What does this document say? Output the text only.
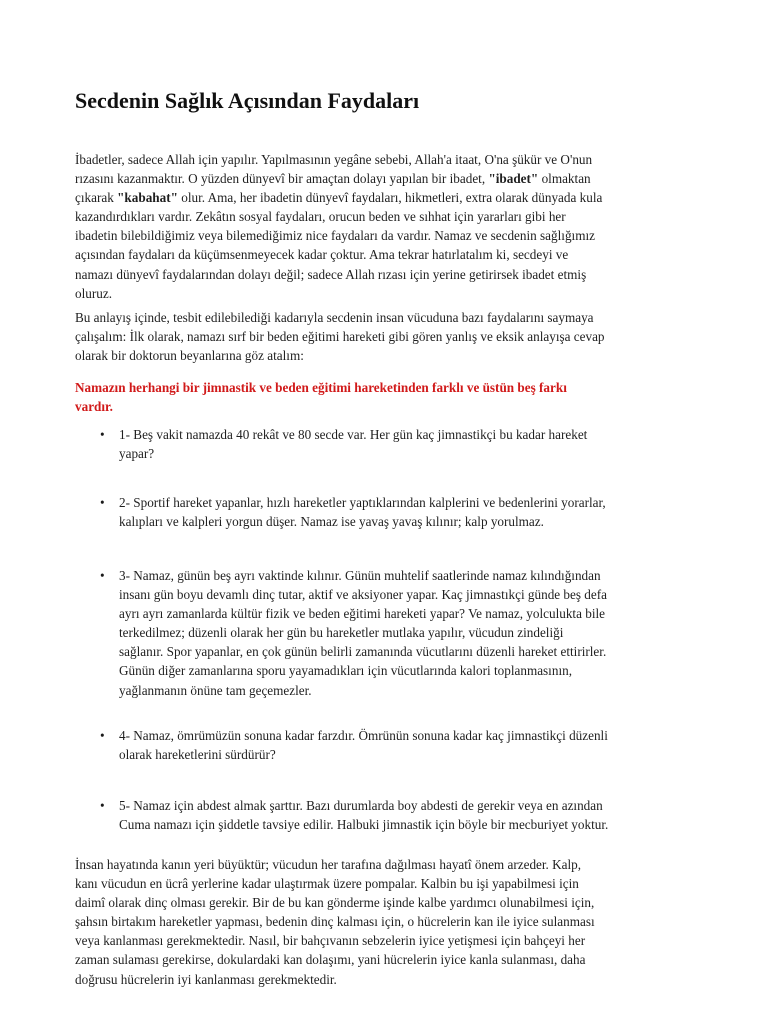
Secdenin Sağlık Açısından Faydaları

İbadetler, sadece Allah için yapılır. Yapılmasının yegâne sebebi, Allah'a itaat, O'na şükür ve O'nun
rızasını kazanmaktır. O yüzden dünyevî bir amaçtan dolayı yapılan bir ibadet, "ibadet" olmaktan
çıkarak "kabahat" olur. Ama, her ibadetin dünyevî faydaları, hikmetleri, extra olarak dünyada kula
kazandırdıkları vardır. Zekâtın sosyal faydaları, orucun beden ve sıhhat için yararları gibi her
ibadetin bilebildiğimiz veya bilemediğimiz nice faydaları da vardır. Namaz ve secdenin sağlığımız
açısından faydaları da küçümsenmeyecek kadar çoktur. Ama tekrar hatırlatalım ki, secdeyi ve
namazı dünyevî faydalarından dolayı değil; sadece Allah rızası için yerine getirirsek ibadet etmiş
oluruz.

Bu anlayış içinde, tesbit edilebilediği kadarıyla secdenin insan vücuduna bazı faydalarını saymaya
çalışalım: İlk olarak, namazı sırf bir beden eğitimi hareketi gibi gören yanlış ve eksik anlayışa cevap
olarak bir doktorun beyanlarına göz atalım:

Namazın herhangi bir jimnastik ve beden eğitimi hareketinden farklı ve üstün beş farkı
vardır.

• 1- Beş vakit namazda 40 rekât ve 80 secde var. Her gün kaç jimnastikçi bu kadar hareket
yapar?
• 2- Sportif hareket yapanlar, hızlı hareketler yaptıklarından kalplerini ve bedenlerini yorarlar,
kalıpları ve kalpleri yorgun düşer. Namaz ise yavaş yavaş kılınır; kalp yorulmaz.
• 3- Namaz, günün beş ayrı vaktinde kılınır. Günün muhtelif saatlerinde namaz kılındığından
insanı gün boyu devamlı dinç tutar, aktif ve aksiyoner yapar. Kaç jimnastıkçi günde beş defa
ayrı ayrı zamanlarda kültür fizik ve beden eğitimi hareketi yapar? Ve namaz, yolculukta bile
terkedilmez; düzenli olarak her gün bu hareketler mutlaka yapılır, vücudun zindeliği
sağlanır. Spor yapanlar, en çok günün belirli zamanında vücutlarını düzenli hareket ettirirler.
Günün diğer zamanlarına sporu yayamadıkları için vücutlarında kalori toplanmasının,
yağlanmanın önüne tam geçemezler.
• 4- Namaz, ömrümüzün sonuna kadar farzdır. Ömrünün sonuna kadar kaç jimnastikçi düzenli
olarak hareketlerini sürdürür?
• 5- Namaz için abdest almak şarttır. Bazı durumlarda boy abdesti de gerekir veya en azından
Cuma namazı için şiddetle tavsiye edilir. Halbuki jimnastik için böyle bir mecburiyet yoktur.

İnsan hayatında kanın yeri büyüktür; vücudun her tarafına dağılması hayatî önem arzeder. Kalp,
kanı vücudun en ücrâ yerlerine kadar ulaştırmak üzere pompalar. Kalbin bu işi yapabilmesi için
daimî olarak dinç olması gerekir. Bir de bu kan gönderme işinde kalbe yardımcı olunabilmesi için,
şahsın birtakım hareketler yapması, bedenin dinç kalması için, o hücrelerin kan ile iyice sulanması
veya kanlanması gerekmektedir. Nasıl, bir bahçıvanın sebzelerin iyice yetişmesi için bahçeyi her
zaman sulaması gerekirse, dokulardaki kan dolaşımı, yani hücrelerin iyice kanla sulanması, daha
doğrusu hücrelerin iyi kanlanması gerekmektedir.
